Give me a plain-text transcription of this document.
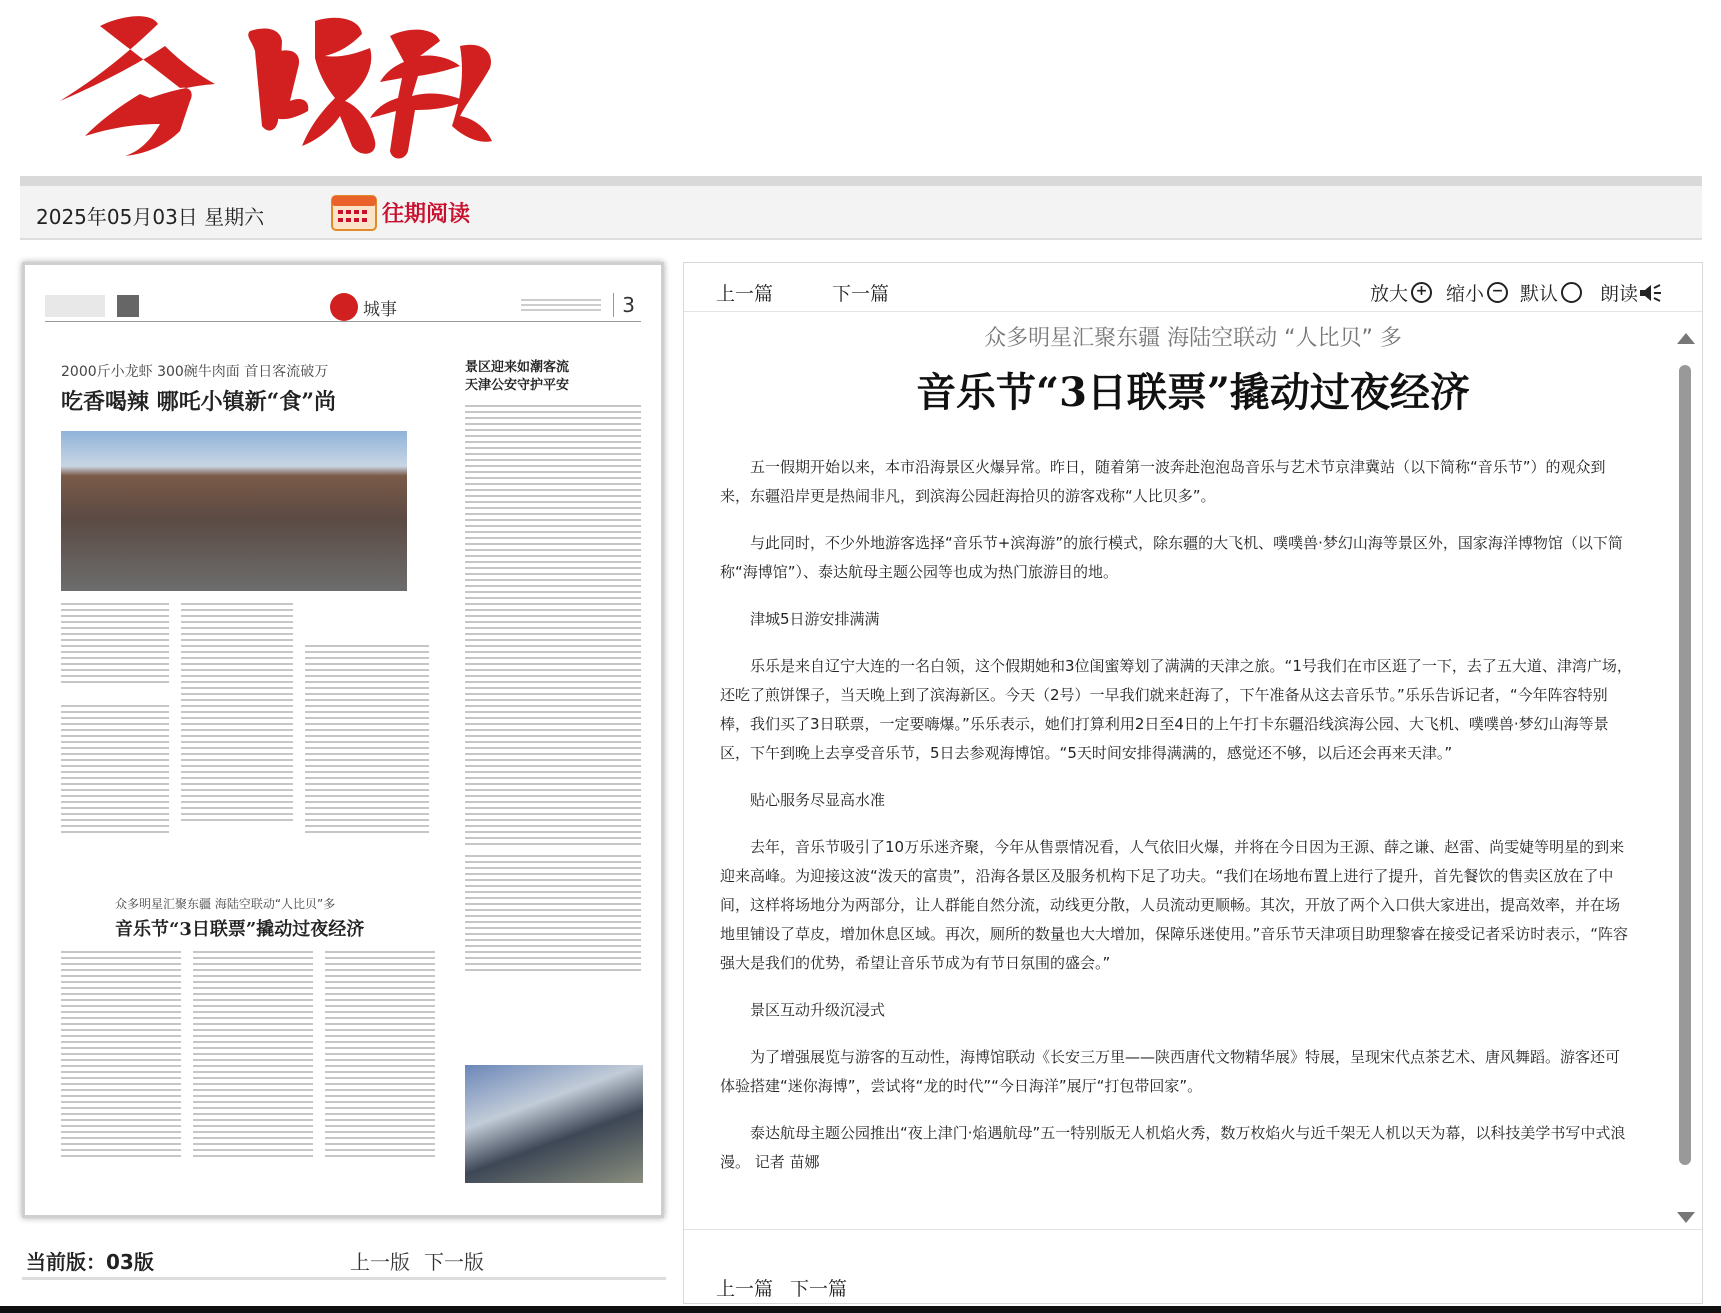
2025年05月03日 星期六	往期阅读
城事	3
2000斤小龙虾 300碗牛肉面 首日客流破万
吃香喝辣 哪吒小镇新“食”尚
景区迎来如潮客流
天津公安守护平安
众多明星汇聚东疆 海陆空联动“人比贝”多
音乐节“3日联票”撬动过夜经济
当前版：03版	上一版 下一版
上一篇	下一篇	放大 + 缩小 − 默认 朗读
众多明星汇聚东疆 海陆空联动 “人比贝” 多
音乐节“3日联票”撬动过夜经济

五一假期开始以来，本市沿海景区火爆异常。昨日，随着第一波奔赴泡泡岛音乐与艺术节京津冀站（以下简称“音乐节”）的观众到来，东疆沿岸更是热闹非凡，到滨海公园赶海拾贝的游客戏称“人比贝多”。

与此同时，不少外地游客选择“音乐节+滨海游”的旅行模式，除东疆的大飞机、噗噗兽·梦幻山海等景区外，国家海洋博物馆（以下简称“海博馆”）、泰达航母主题公园等也成为热门旅游目的地。

津城5日游安排满满

乐乐是来自辽宁大连的一名白领，这个假期她和3位闺蜜筹划了满满的天津之旅。“1号我们在市区逛了一下，去了五大道、津湾广场，还吃了煎饼馃子，当天晚上到了滨海新区。今天（2号）一早我们就来赶海了，下午准备从这去音乐节。”乐乐告诉记者，“今年阵容特别棒，我们买了3日联票，一定要嗨爆。”乐乐表示，她们打算利用2日至4日的上午打卡东疆沿线滨海公园、大飞机、噗噗兽·梦幻山海等景区，下午到晚上去享受音乐节，5日去参观海博馆。“5天时间安排得满满的，感觉还不够，以后还会再来天津。”

贴心服务尽显高水准

去年，音乐节吸引了10万乐迷齐聚，今年从售票情况看，人气依旧火爆，并将在今日因为王源、薛之谦、赵雷、尚雯婕等明星的到来迎来高峰。为迎接这波“泼天的富贵”，沿海各景区及服务机构下足了功夫。“我们在场地布置上进行了提升，首先餐饮的售卖区放在了中间，这样将场地分为两部分，让人群能自然分流，动线更分散，人员流动更顺畅。其次，开放了两个入口供大家进出，提高效率，并在场地里铺设了草皮，增加休息区域。再次，厕所的数量也大大增加，保障乐迷使用。”音乐节天津项目助理黎睿在接受记者采访时表示，“阵容强大是我们的优势，希望让音乐节成为有节日氛围的盛会。”

景区互动升级沉浸式

为了增强展览与游客的互动性，海博馆联动《长安三万里——陕西唐代文物精华展》特展，呈现宋代点茶艺术、唐风舞蹈。游客还可体验搭建“迷你海博”，尝试将“龙的时代”“今日海洋”展厅“打包带回家”。

泰达航母主题公园推出“夜上津门·焰遇航母”五一特别版无人机焰火秀，数万枚焰火与近千架无人机以天为幕，以科技美学书写中式浪漫。 记者 苗娜

上一篇 下一篇
